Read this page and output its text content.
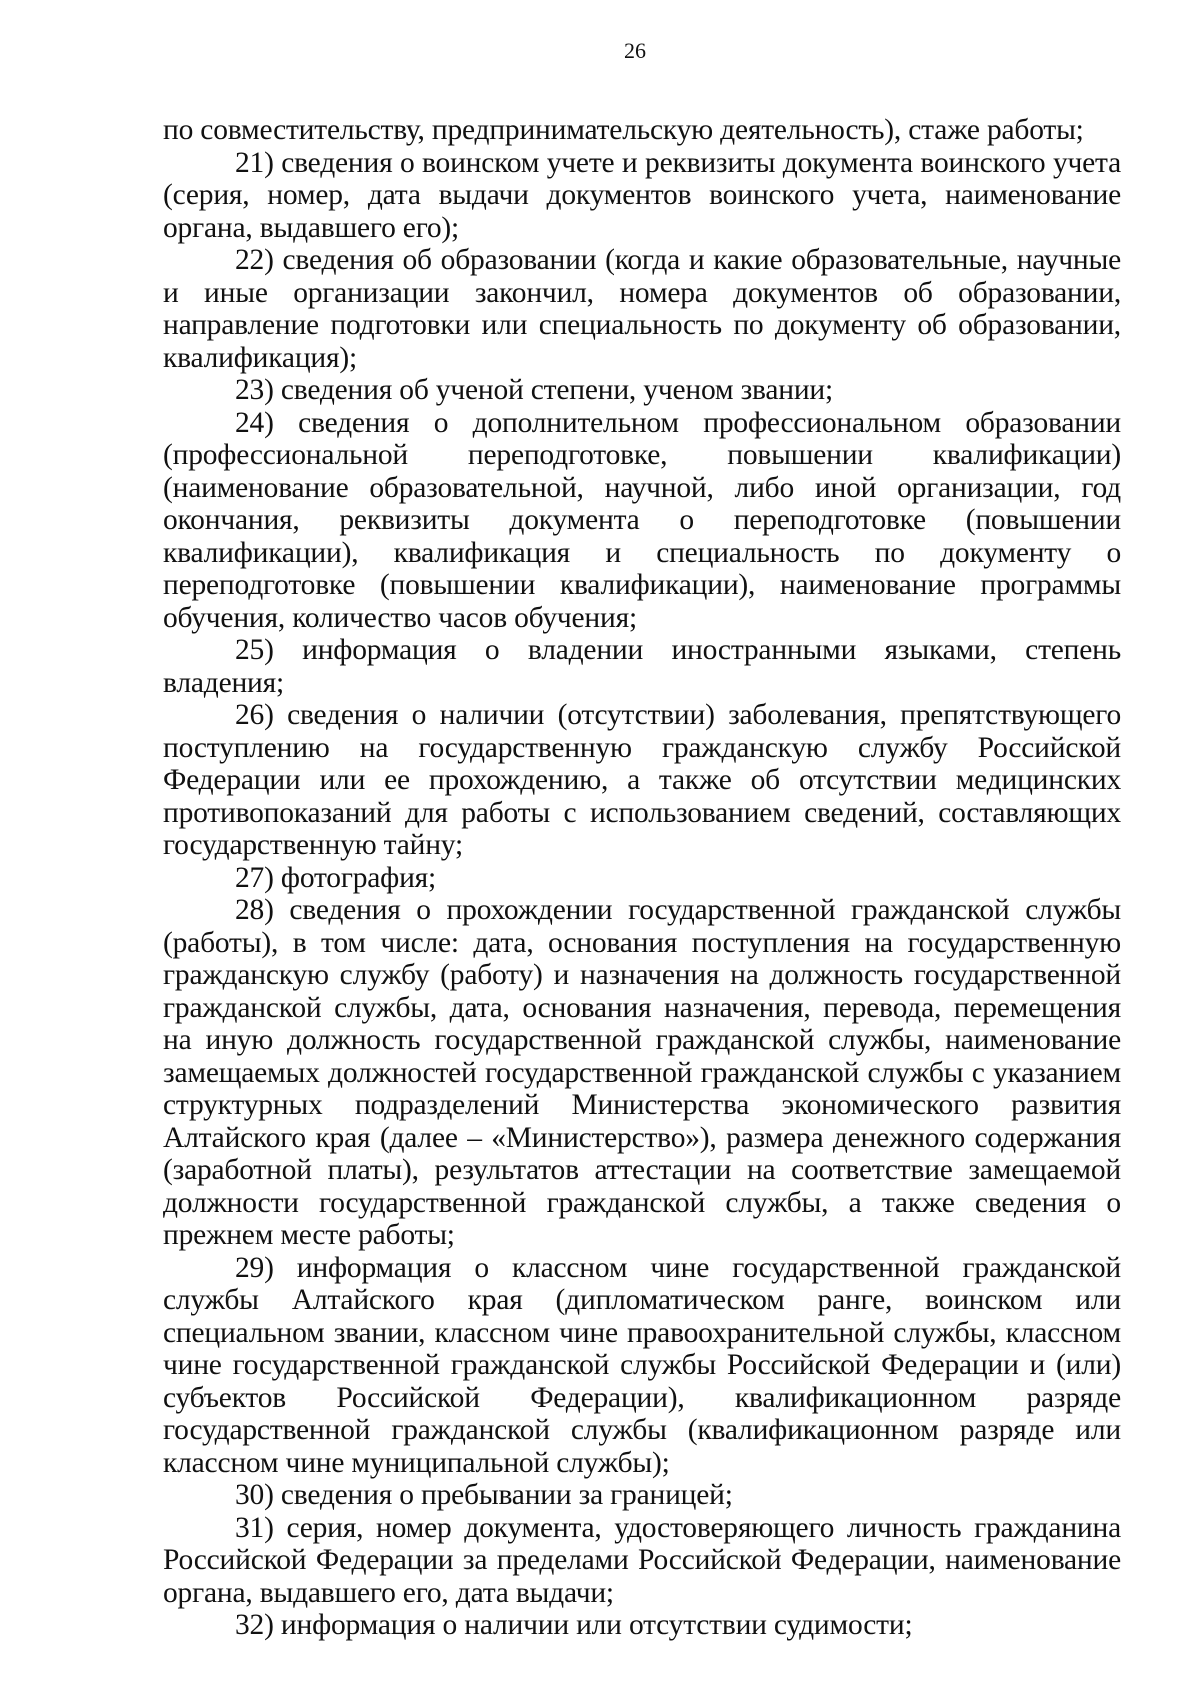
26

по совместительству, предпринимательскую деятельность), стаже работы;

21) сведения о воинском учете и реквизиты документа воинского учета (серия, номер, дата выдачи документов воинского учета, наименование органа, выдавшего его);

22) сведения об образовании (когда и какие образовательные, научные и иные организации закончил, номера документов об образовании, направление подготовки или специальность по документу об образовании, квалификация);

23) сведения об ученой степени, ученом звании;

24) сведения о дополнительном профессиональном образовании (профессиональной переподготовке, повышении квалификации) (наименование образовательной, научной, либо иной организации, год окончания, реквизиты документа о переподготовке (повышении квалификации), квалификация и специальность по документу о переподготовке (повышении квалификации), наименование программы обучения, количество часов обучения;

25) информация о владении иностранными языками, степень владения;

26) сведения о наличии (отсутствии) заболевания, препятствующего поступлению на государственную гражданскую службу Российской Федерации или ее прохождению, а также об отсутствии медицинских противопоказаний для работы с использованием сведений, составляющих государственную тайну;

27) фотография;

28) сведения о прохождении государственной гражданской службы (работы), в том числе: дата, основания поступления на государственную гражданскую службу (работу) и назначения на должность государственной гражданской службы, дата, основания назначения, перевода, перемещения на иную должность государственной гражданской службы, наименование замещаемых должностей государственной гражданской службы с указанием структурных подразделений Министерства экономического развития Алтайского края (далее – «Министерство»), размера денежного содержания (заработной платы), результатов аттестации на соответствие замещаемой должности государственной гражданской службы, а также сведения о прежнем месте работы;

29) информация о классном чине государственной гражданской службы Алтайского края (дипломатическом ранге, воинском или специальном звании, классном чине правоохранительной службы, классном чине государственной гражданской службы Российской Федерации и (или) субъектов Российской Федерации), квалификационном разряде государственной гражданской службы (квалификационном разряде или классном чине муниципальной службы);

30) сведения о пребывании за границей;

31) серия, номер документа, удостоверяющего личность гражданина Российской Федерации за пределами Российской Федерации, наименование органа, выдавшего его, дата выдачи;

32) информация о наличии или отсутствии судимости;
